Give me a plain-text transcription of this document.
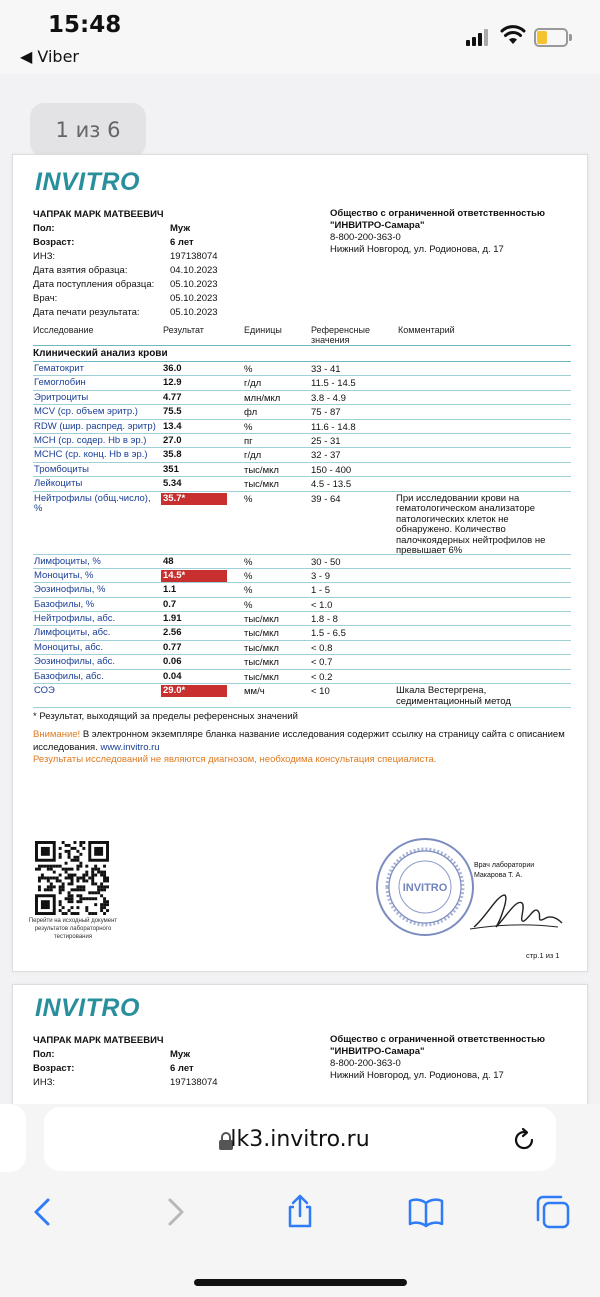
15:48
◀ Viber
1 из 6
INVITRO
ЧАПРАК МАРК МАТВЕЕВИЧ
Пол:	Муж
Возраст:	6 лет
ИНЗ:	197138074
Дата взятия образца:	04.10.2023
Дата поступления образца: 05.10.2023
Врач:	05.10.2023
Дата печати результата:	05.10.2023
Общество с ограниченной ответственностью
"ИНВИТРО-Самара"
8-800-200-363-0
Нижний Новгород, ул. Родионова, д. 17
Исследование	Результат	Единицы	Референсные
значения
Комментарий
Клинический анализ крови
Гематокрит	36.0	%	33 - 41
Гемоглобин	12.9	г/дл	11.5 - 14.5
Эритроциты	4.77	млн/мкл	3.8 - 4.9
MCV (ср. объем эритр.)	75.5	фл	75 - 87
RDW (шир. распред. эритр) 13.4	%	11.6 - 14.8
MCH (ср. содер. Hb в эр.) 27.0	пг	25 - 31
MCHC (ср. конц. Hb в эр.) 35.8	г/дл	32 - 37
Тромбоциты	351	тыс/мкл	150 - 400
Лейкоциты	5.34	тыс/мкл	4.5 - 13.5
Нейтрофилы (общ.число),
%
35.7*	%	39 - 64	При исследовании крови на гематологическом анализаторе патологических клеток не обнаружено. Количество палочкоядерных нейтрофилов не превышает 6%
Лимфоциты, %	48	%	30 - 50
Моноциты, %	14.5*	%	3 - 9
Эозинофилы, %	1.1	%	1 - 5
Базофилы, %	0.7	%	< 1.0
Нейтрофилы, абс.	1.91	тыс/мкл	1.8 - 8
Лимфоциты, абс.	2.56	тыс/мкл	1.5 - 6.5
Моноциты, абс.	0.77	тыс/мкл	< 0.8
Эозинофилы, абс.	0.06	тыс/мкл	< 0.7
Базофилы, абс.	0.04	тыс/мкл	< 0.2
СОЭ	29.0*	мм/ч	< 10	Шкала Вестергрена, седиментационный метод
* Результат, выходящий за пределы референсных значений
Внимание! В электронном экземпляре бланка название исследования содержит ссылку на страницу сайта с описанием исследования. www.invitro.ru
Результаты исследований не являются диагнозом, необходима консультация специалиста.
Перейти на исходный документ результатов лабораторного тестирования
INVITRO
Врач лаборатории
Макарова Т. А.
стр.1 из 1
INVITRO
ЧАПРАК МАРК МАТВЕЕВИЧ
Пол:	Муж
Возраст:	6 лет
ИНЗ:	197138074
Общество с ограниченной ответственностью
"ИНВИТРО-Самара"
8-800-200-363-0
Нижний Новгород, ул. Родионова, д. 17
lk3.invitro.ru
